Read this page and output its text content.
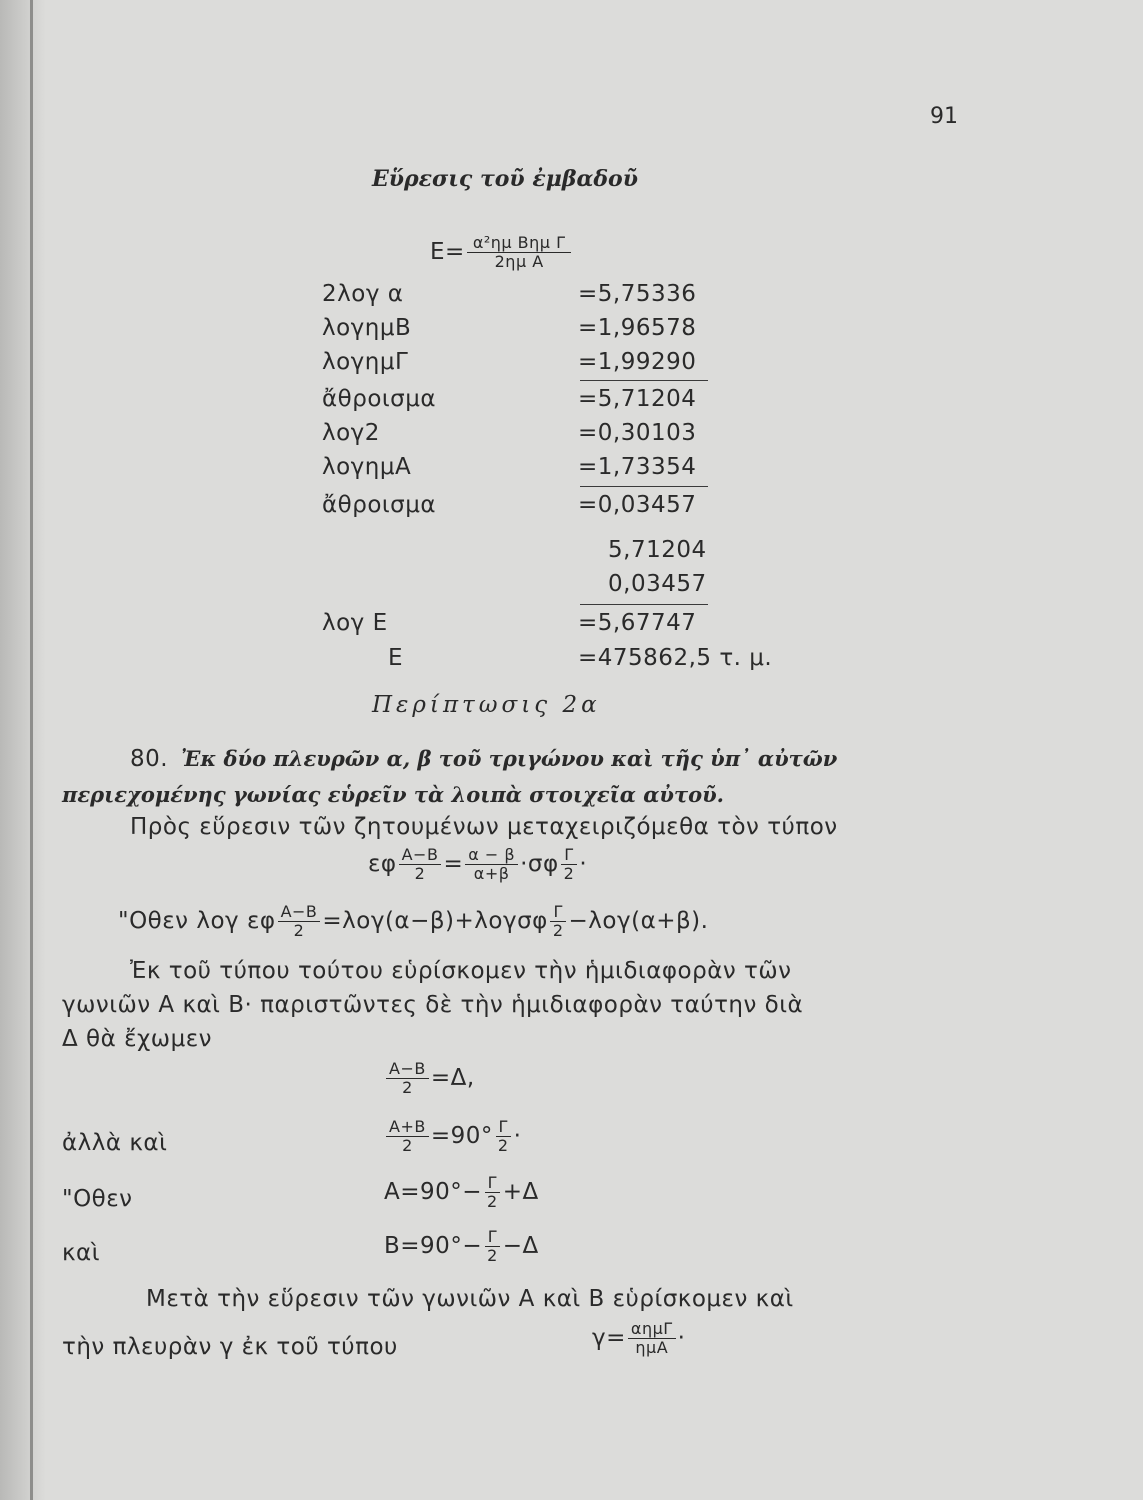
91
Εὕρεσις τοῦ ἐμβαδοῦ
$E= \frac{\text{α²ημ Bημ Γ}}{\text{2ημ A}}$
2λογ α	=5,75336
λογημB	=1,96578
λογημΓ	=1,99290
ἄθροισμα	=5,71204
λογ2	=0,30103
λογημA	=1,73354
ἄθροισμα	=0,03457
5,71204
0,03457
λογ E	=5,67747
E	=475862,5 τ. μ.
Περίπτωσις 2α
80. Ἐκ δύο πλευρῶν α, β τοῦ τριγώνου καὶ τῆς ὑπ᾽ αὐτῶν
περιεχομένης γωνίας εὑρεῖν τὰ λοιπὰ στοιχεῖα αὐτοῦ.
Πρὸς εὕρεσιν τῶν ζητουμένων μεταχειριζόμεθα τὸν τύπον
εφ $\frac{A-B}{2} = \frac{\alpha - \beta}{\alpha+\beta} \cdot\sigma\varphi \frac{\Gamma}{2}$ ·
"Οθεν λογ εφ $\frac{A-B}{2} =\lambda o\gamma(\alpha-\beta)+\lambda o\gamma\sigma\varphi \frac{\Gamma}{2} -\lambda o\gamma(\alpha+\beta)$.
Ἐκ τοῦ τύπου τούτου εὑρίσκομεν τὴν ἡμιδιαφορὰν τῶν
γωνιῶν A καὶ B· παριστῶντες δὲ τὴν ἡμιδιαφορὰν ταύτην διὰ
Δ θὰ ἔχωμεν
$\frac{A-B}{2} =\Delta$,
ἀλλὰ καὶ	$\frac{A+B}{2} =90^\circ \frac{\Gamma}{2}$ ·
"Οθεν	$A=90^\circ- \frac{\Gamma}{2} +\Delta$
καὶ	$B=90^\circ- \frac{\Gamma}{2} -\Delta$
Μετὰ τὴν εὕρεσιν τῶν γωνιῶν A καὶ B εὑρίσκομεν καὶ
τὴν πλευρὰν γ ἐκ τοῦ τύπου	$\gamma= \frac{\text{αημΓ}}{\text{ημA}}$ ·
